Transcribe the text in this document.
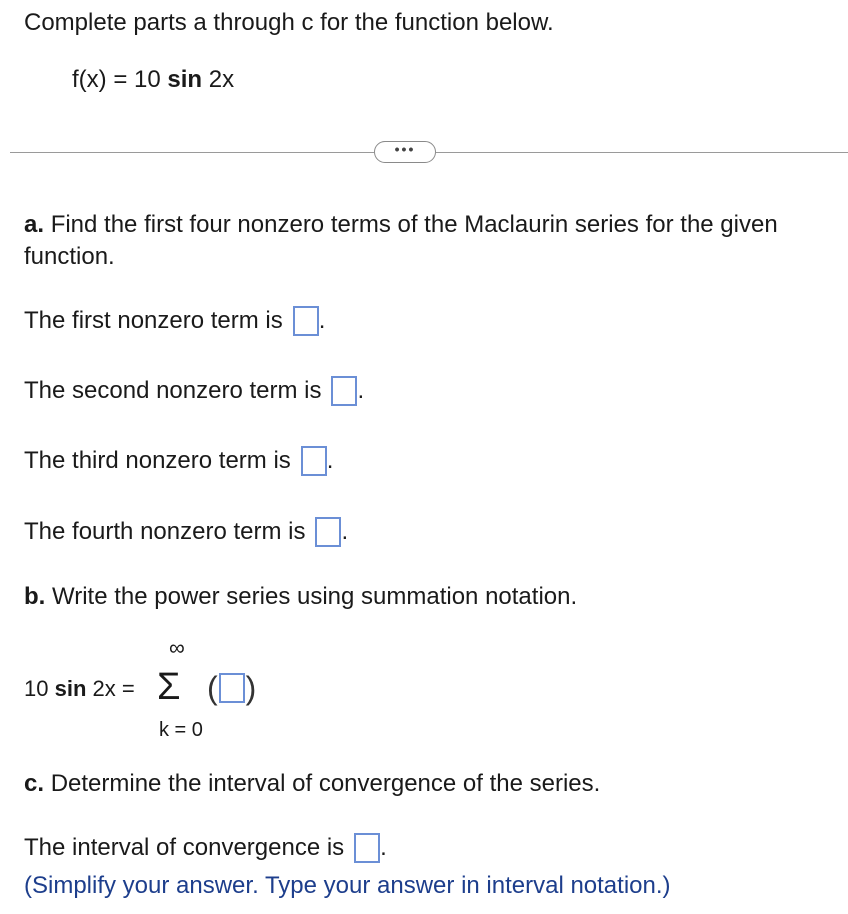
Complete parts a through c for the function below.
f(x) = 10 sin 2x
•••
a. Find the first four nonzero terms of the Maclaurin series for the given
function.
The first nonzero term is .
The second nonzero term is .
The third nonzero term is .
The fourth nonzero term is .
b. Write the power series using summation notation.
10 sin 2x =
∞
Σ
k = 0
( )
c. Determine the interval of convergence of the series.
The interval of convergence is .
(Simplify your answer. Type your answer in interval notation.)
